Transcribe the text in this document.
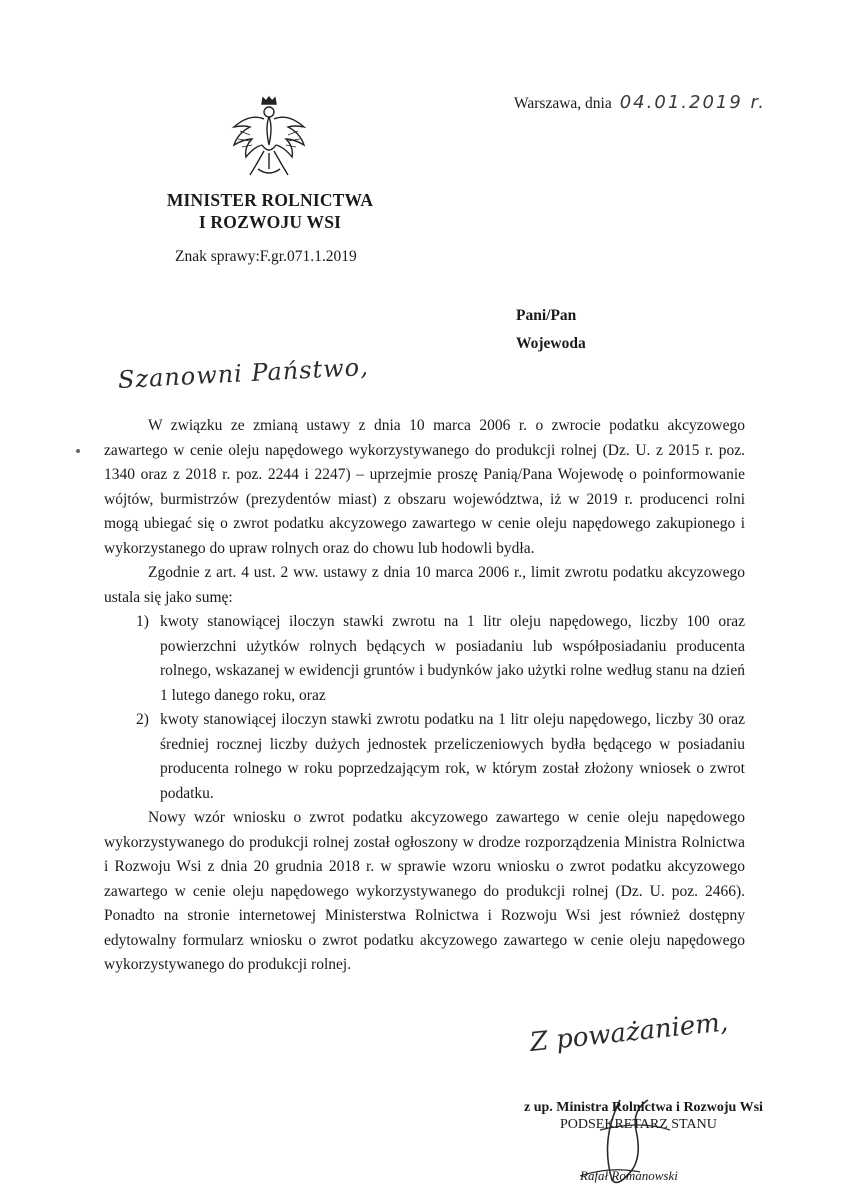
MINISTER ROLNICTWA
I ROZWOJU WSI
Znak sprawy:F.gr.071.1.2019
Warszawa, dnia 04.01.2019 r.
Pani/Pan
Wojewoda
Szanowni Państwo,

W związku ze zmianą ustawy z dnia 10 marca 2006 r. o zwrocie podatku akcyzowego zawartego w cenie oleju napędowego wykorzystywanego do produkcji rolnej (Dz. U. z 2015 r. poz. 1340 oraz z 2018 r. poz. 2244 i 2247) – uprzejmie proszę Panią/Pana Wojewodę o poinformowanie wójtów, burmistrzów (prezydentów miast) z obszaru województwa, iż w 2019 r. producenci rolni mogą ubiegać się o zwrot podatku akcyzowego zawartego w cenie oleju napędowego zakupionego i wykorzystanego do upraw rolnych oraz do chowu lub hodowli bydła.

Zgodnie z art. 4 ust. 2 ww. ustawy z dnia 10 marca 2006 r., limit zwrotu podatku akcyzowego ustala się jako sumę:

1) kwoty stanowiącej iloczyn stawki zwrotu na 1 litr oleju napędowego, liczby 100 oraz powierzchni użytków rolnych będących w posiadaniu lub współposiadaniu producenta rolnego, wskazanej w ewidencji gruntów i budynków jako użytki rolne według stanu na dzień 1 lutego danego roku, oraz
2) kwoty stanowiącej iloczyn stawki zwrotu podatku na 1 litr oleju napędowego, liczby 30 oraz średniej rocznej liczby dużych jednostek przeliczeniowych bydła będącego w posiadaniu producenta rolnego w roku poprzedzającym rok, w którym został złożony wniosek o zwrot podatku.

Nowy wzór wniosku o zwrot podatku akcyzowego zawartego w cenie oleju napędowego wykorzystywanego do produkcji rolnej został ogłoszony w drodze rozporządzenia Ministra Rolnictwa i Rozwoju Wsi z dnia 20 grudnia 2018 r. w sprawie wzoru wniosku o zwrot podatku akcyzowego zawartego w cenie oleju napędowego wykorzystywanego do produkcji rolnej (Dz. U. poz. 2466). Ponadto na stronie internetowej Ministerstwa Rolnictwa i Rozwoju Wsi jest również dostępny edytowalny formularz wniosku o zwrot podatku akcyzowego zawartego w cenie oleju napędowego wykorzystywanego do produkcji rolnej.

Z poważaniem,
z up. Ministra Rolnictwa i Rozwoju Wsi
PODSEKRETARZ STANU
Rafał Romanowski
